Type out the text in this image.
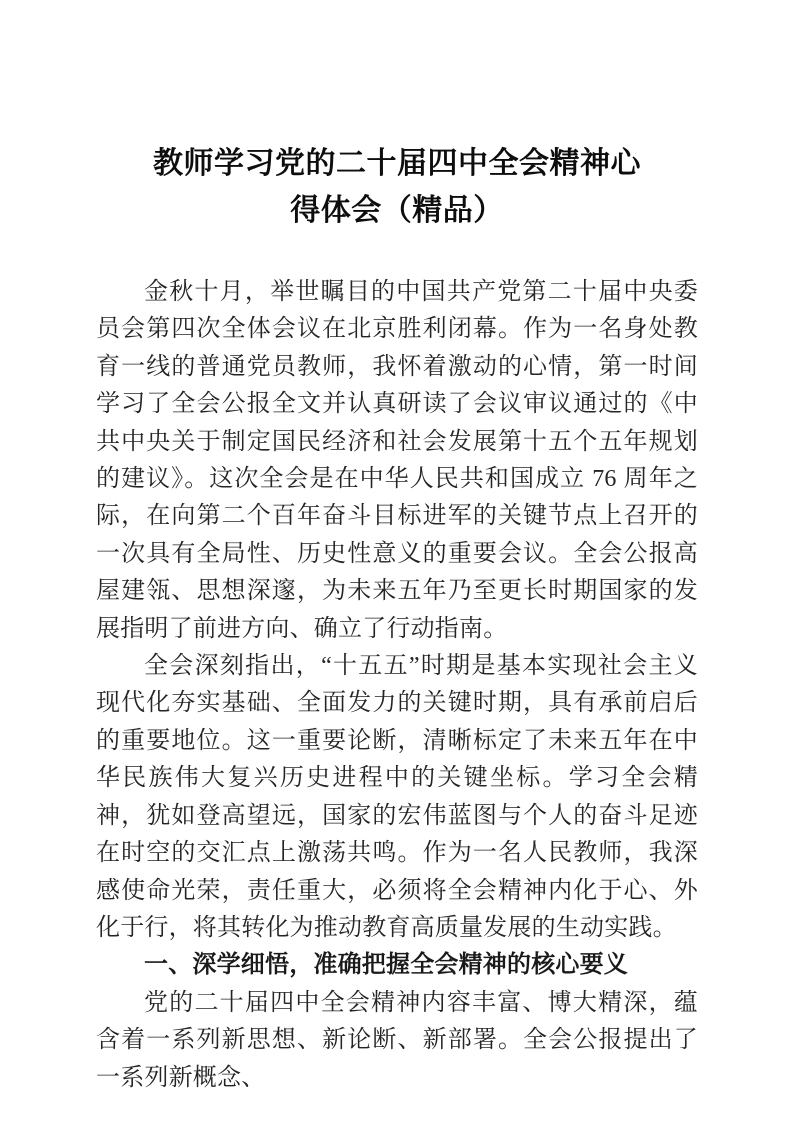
教师学习党的二十届四中全会精神心
得体会（精品）

金秋十月，举世瞩目的中国共产党第二十届中央委员会第四次全体会议在北京胜利闭幕。作为一名身处教育一线的普通党员教师，我怀着激动的心情，第一时间学习了全会公报全文并认真研读了会议审议通过的《中共中央关于制定国民经济和社会发展第十五个五年规划的建议》。这次全会是在中华人民共和国成立 76 周年之际，在向第二个百年奋斗目标进军的关键节点上召开的一次具有全局性、历史性意义的重要会议。全会公报高屋建瓴、思想深邃，为未来五年乃至更长时期国家的发展指明了前进方向、确立了行动指南。

全会深刻指出，“十五五”时期是基本实现社会主义现代化夯实基础、全面发力的关键时期，具有承前启后的重要地位。这一重要论断，清晰标定了未来五年在中华民族伟大复兴历史进程中的关键坐标。学习全会精神，犹如登高望远，国家的宏伟蓝图与个人的奋斗足迹在时空的交汇点上激荡共鸣。作为一名人民教师，我深感使命光荣，责任重大，必须将全会精神内化于心、外化于行，将其转化为推动教育高质量发展的生动实践。

一、深学细悟，准确把握全会精神的核心要义

党的二十届四中全会精神内容丰富、博大精深，蕴含着一系列新思想、新论断、新部署。全会公报提出了一系列新概念、
